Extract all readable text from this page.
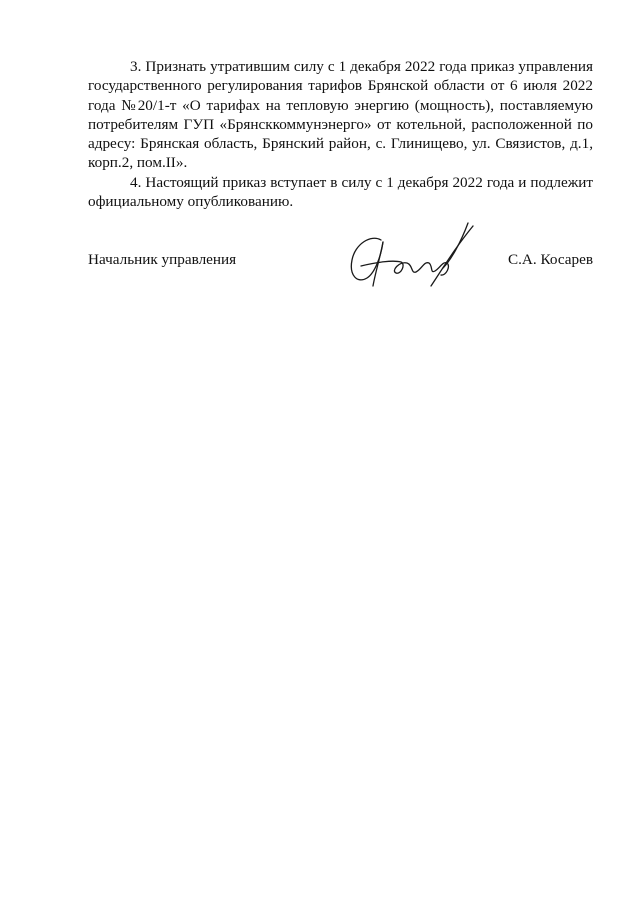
3. Признать утратившим силу с 1 декабря 2022 года приказ управления государственного регулирования тарифов Брянской области от 6 июля 2022 года №20/1-т «О тарифах на тепловую энергию (мощность), поставляемую потребителям ГУП «Брянсккоммунэнерго» от котельной, расположенной по адресу: Брянская область, Брянский район, с. Глинищево, ул. Связистов, д.1, корп.2, пом.II».

4. Настоящий приказ вступает в силу с 1 декабря 2022 года и подлежит официальному опубликованию.

Начальник управления	С.А. Косарев
